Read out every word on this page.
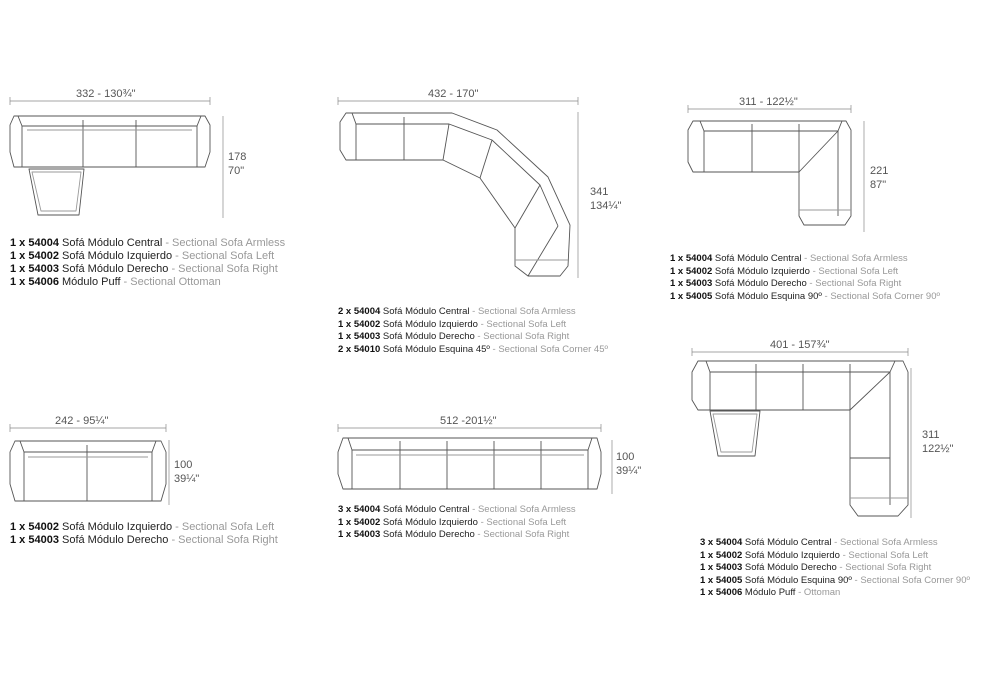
332 - 130¾"
178
70"
432 - 170"
341
134¼"
311 - 122½"
221
87"
242 - 95¼"
100
39¼"
512 -201½"
100
39¼"
401 - 157¾"
311
122½"
1 x 54004 Sofá Módulo Central - Sectional Sofa Armless
1 x 54002 Sofá Módulo Izquierdo - Sectional Sofa Left
1 x 54003 Sofá Módulo Derecho - Sectional Sofa Right
1 x 54006 Módulo Puff - Sectional Ottoman
2 x 54004 Sofá Módulo Central - Sectional Sofa Armless
1 x 54002 Sofá Módulo Izquierdo - Sectional Sofa Left
1 x 54003 Sofá Módulo Derecho - Sectional Sofa Right
2 x 54010 Sofá Módulo Esquina 45º - Sectional Sofa Corner 45º
1 x 54004 Sofá Módulo Central - Sectional Sofa Armless
1 x 54002 Sofá Módulo Izquierdo - Sectional Sofa Left
1 x 54003 Sofá Módulo Derecho - Sectional Sofa Right
1 x 54005 Sofá Módulo Esquina 90º - Sectional Sofa Corner 90º
1 x 54002 Sofá Módulo Izquierdo - Sectional Sofa Left
1 x 54003 Sofá Módulo Derecho - Sectional Sofa Right
3 x 54004 Sofá Módulo Central - Sectional Sofa Armless
1 x 54002 Sofá Módulo Izquierdo - Sectional Sofa Left
1 x 54003 Sofá Módulo Derecho - Sectional Sofa Right
3 x 54004 Sofá Módulo Central - Sectional Sofa Armless
1 x 54002 Sofá Módulo Izquierdo - Sectional Sofa Left
1 x 54003 Sofá Módulo Derecho - Sectional Sofa Right
1 x 54005 Sofá Módulo Esquina 90º - Sectional Sofa Corner 90º
1 x 54006 Módulo Puff - Ottoman
